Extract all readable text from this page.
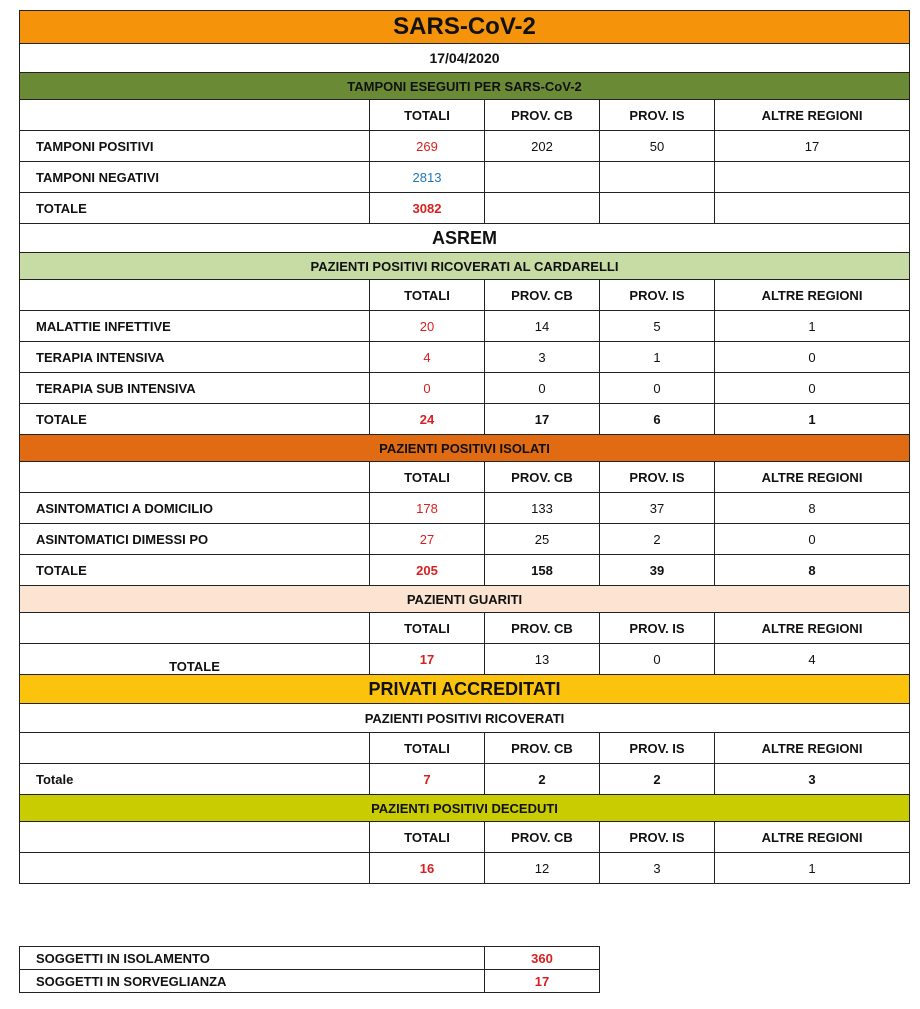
SARS-CoV-2				
17/04/2020				
TAMPONI ESEGUITI PER SARS-CoV-2				
	TOTALI	PROV. CB	PROV. IS	ALTRE REGIONI
TAMPONI POSITIVI	269	202	50	17
TAMPONI NEGATIVI	2813			
TOTALE	3082			
ASREM				
PAZIENTI POSITIVI RICOVERATI AL CARDARELLI				
	TOTALI	PROV. CB	PROV. IS	ALTRE REGIONI
MALATTIE INFETTIVE	20	14	5	1
TERAPIA INTENSIVA	4	3	1	0
TERAPIA SUB INTENSIVA	0	0	0	0
TOTALE	24	17	6	1
PAZIENTI POSITIVI ISOLATI				
	TOTALI	PROV. CB	PROV. IS	ALTRE REGIONI
ASINTOMATICI A DOMICILIO	178	133	37	8
ASINTOMATICI DIMESSI PO	27	25	2	0
TOTALE	205	158	39	8
PAZIENTI GUARITI				
	TOTALI	PROV. CB	PROV. IS	ALTRE REGIONI
TOTALE	17	13	0	4
PRIVATI ACCREDITATI				
PAZIENTI POSITIVI RICOVERATI				
	TOTALI	PROV. CB	PROV. IS	ALTRE REGIONI
Totale	7	2	2	3
PAZIENTI POSITIVI DECEDUTI				
	TOTALI	PROV. CB	PROV. IS	ALTRE REGIONI
	16	12	3	1
SOGGETTI IN ISOLAMENTO	360
SOGGETTI IN SORVEGLIANZA	17
